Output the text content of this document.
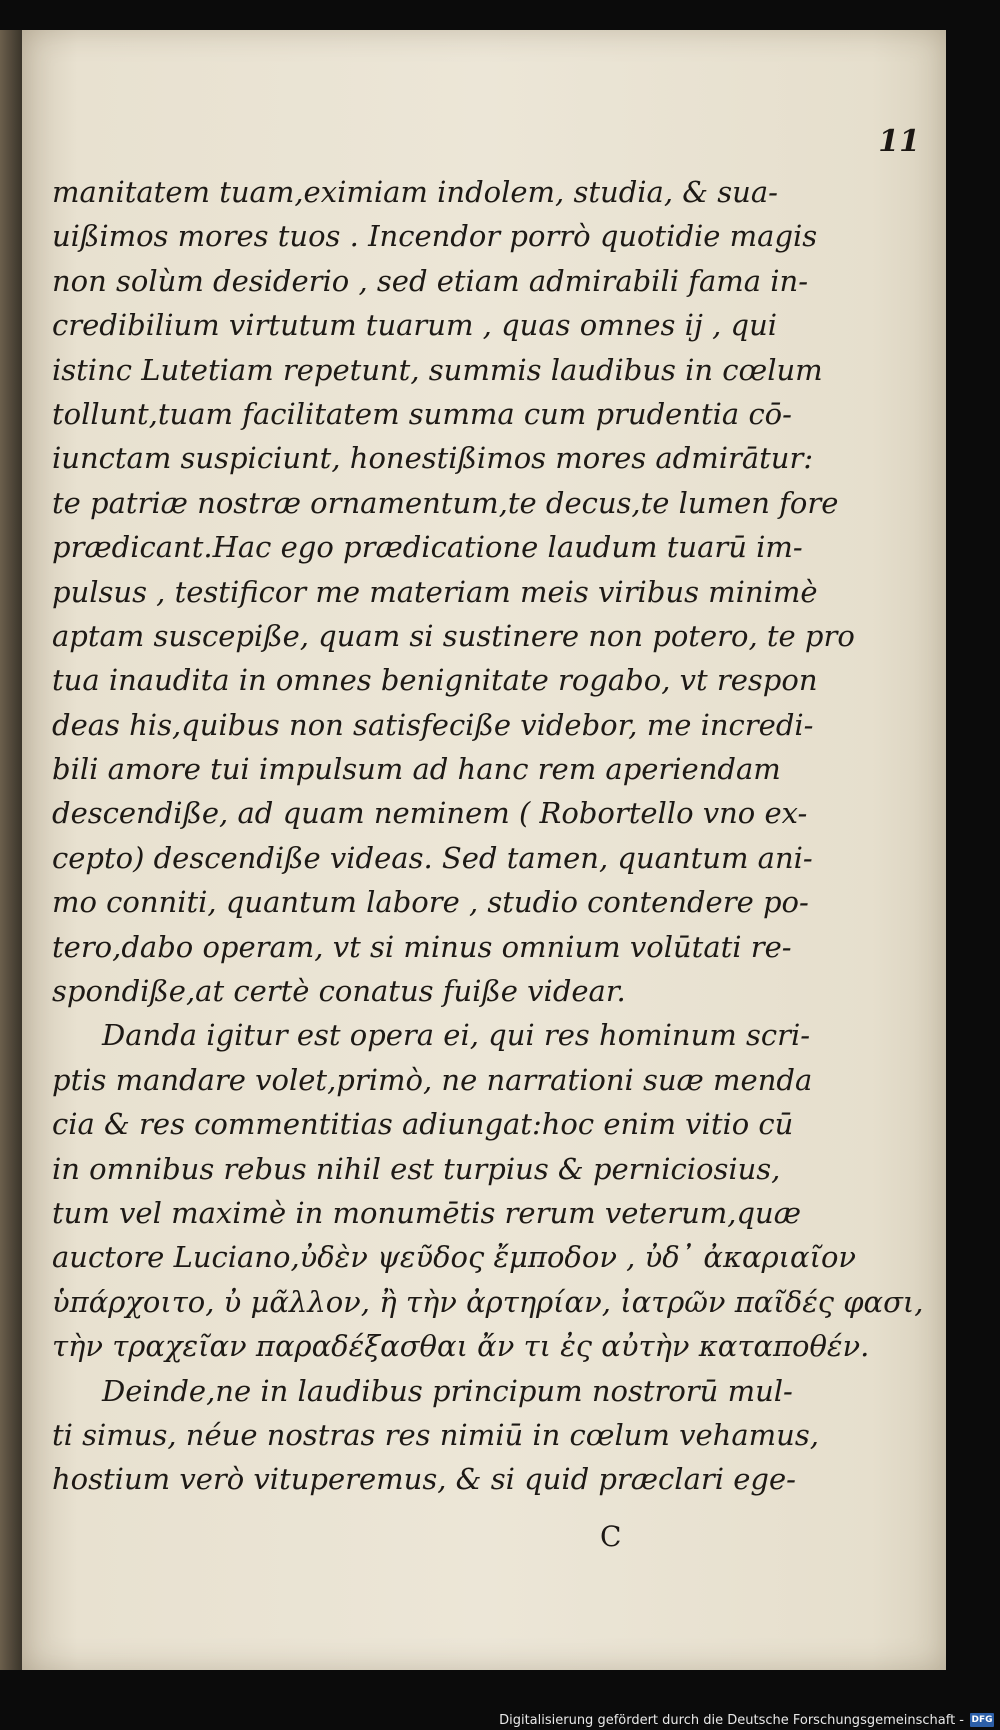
11
manitatem tuam,eximiam indolem, studia, & sua-
uißimos mores tuos . Incendor porrò quotidie magis
non solùm desiderio , sed etiam admirabili fama in-
credibilium virtutum tuarum , quas omnes ij , qui
istinc Lutetiam repetunt, summis laudibus in cœlum
tollunt,tuam facilitatem summa cum prudentia cō-
iunctam suspiciunt, honestißimos mores admirātur:
te patriæ nostræ ornamentum,te decus,te lumen fore
prædicant.Hac ego prædicatione laudum tuarū im-
pulsus , testificor me materiam meis viribus minimè
aptam suscepiße, quam si sustinere non potero, te pro
tua inaudita in omnes benignitate rogabo, vt respon
deas his,quibus non satisfeciße videbor, me incredi-
bili amore tui impulsum ad hanc rem aperiendam
descendiße, ad quam neminem ( Robortello vno ex-
cepto) descendiße videas. Sed tamen, quantum ani-
mo conniti, quantum labore , studio contendere po-
tero,dabo operam, vt si minus omnium volūtati re-
spondiße,at certè conatus fuiße videar.
Danda igitur est opera ei, qui res hominum scri-
ptis mandare volet,primò, ne narrationi suæ menda
cia & res commentitias adiungat:hoc enim vitio cū
in omnibus rebus nihil est turpius & perniciosius,
tum vel maximè in monumētis rerum veterum,quæ
auctore Luciano,ὐδὲν ψεῦδος ἔμποδον , ὐδ᾽ ἀκαριαῖον
ὑπάρχοιτο, ὐ μᾶλλον, ἢ τὴν ἀρτηρίαν, ἰατρῶν παῖδές φασι,
τὴν τραχεῖαν παραδέξασθαι ἄν τι ἐς αὐτὴν καταποθέν.
Deinde,ne in laudibus principum nostrorū mul-
ti simus, néue nostras res nimiū in cœlum vehamus,
hostium verò vituperemus, & si quid præclari ege-
C
Digitalisierung gefördert durch die Deutsche Forschungsgemeinschaft - DFG
